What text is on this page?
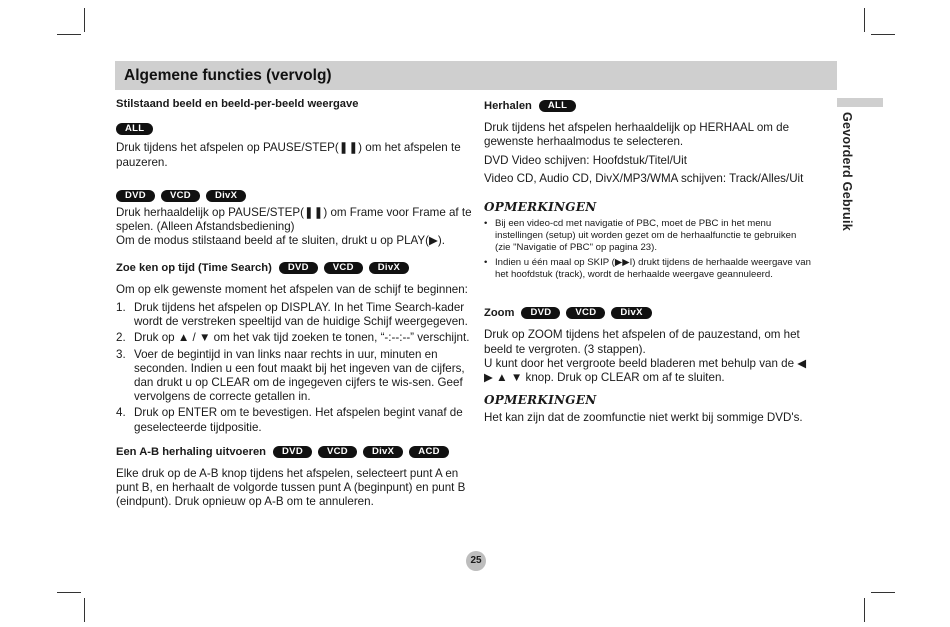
Algemene functies (vervolg)
Gevorderd Gebruik
Stilstaand beeld en beeld-per-beeld weergave
ALL

Druk tijdens het afspelen op PAUSE/STEP(❚❚) om het afspelen te pauzeren.

DVD	VCD	DivX

Druk herhaaldelijk op PAUSE/STEP(❚❚) om Frame voor Frame af te spelen. (Alleen Afstandsbediening)

Om de modus stilstaand beeld af te sluiten, drukt u op PLAY(▶).

Zoe ken op tijd (Time Search)	DVD	VCD	DivX

Om op elk gewenste moment het afspelen van de schijf te beginnen:

1. Druk tijdens het afspelen op DISPLAY. In het Time Search-kader wordt de verstreken speeltijd van de huidige Schijf weergegeven.
2. Druk op ▲ / ▼ om het vak tijd zoeken te tonen, “-:--:--” verschijnt.
3. Voer de begintijd in van links naar rechts in uur, minuten en seconden. Indien u een fout maakt bij het ingeven van de cijfers, dan drukt u op CLEAR om de ingegeven cijfers te wis-sen. Geef vervolgens de correcte getallen in.
4. Druk op ENTER om te bevestigen. Het afspelen begint vanaf de geselecteerde tijdpositie.
Een A-B herhaling uitvoeren	DVD	VCD	DivX	ACD

Elke druk op de A-B knop tijdens het afspelen, selecteert punt A en punt B, en herhaalt de volgorde tussen punt A (beginpunt) en punt B (eindpunt). Druk opnieuw op A-B om te annuleren.

Herhalen	ALL

Druk tijdens het afspelen herhaaldelijk op HERHAAL om de gewenste herhaalmodus te selecteren.

DVD Video schijven: Hoofdstuk/Titel/Uit

Video CD, Audio CD, DivX/MP3/WMA schijven: Track/Alles/Uit

OPMERKINGEN
• Bij een video-cd met navigatie of PBC, moet de PBC in het menu instellingen (setup) uit worden gezet om de herhaalfunctie te gebruiken (zie "Navigatie of PBC" op pagina 23).
• Indien u één maal op SKIP (▶▶I) drukt tijdens de herhaalde weergave van het hoofdstuk (track), wordt de herhaalde weergave geannuleerd.
Zoom	DVD	VCD	DivX

Druk op ZOOM tijdens het afspelen of de pauzestand, om het beeld te vergroten. (3 stappen).

U kunt door het vergroote beeld bladeren met behulp van de ◀ ▶ ▲ ▼ knop. Druk op CLEAR om af te sluiten.

OPMERKINGEN

Het kan zijn dat de zoomfunctie niet werkt bij sommige DVD's.

25
